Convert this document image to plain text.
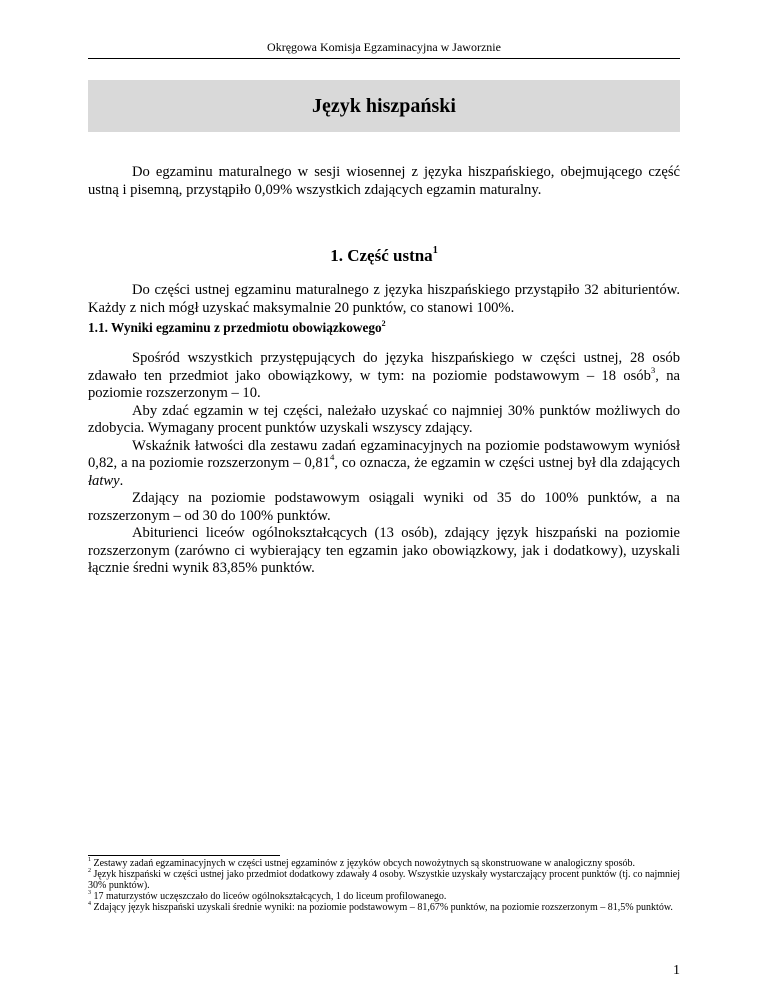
Okręgowa Komisja Egzaminacyjna w Jaworznie
Język hiszpański

Do egzaminu maturalnego w sesji wiosennej z języka hiszpańskiego, obejmującego część ustną i pisemną, przystąpiło 0,09% wszystkich zdających egzamin maturalny.

1. Część ustna$^1$

Do części ustnej egzaminu maturalnego z języka hiszpańskiego przystąpiło 32 abiturientów. Każdy z nich mógł uzyskać maksymalnie 20 punktów, co stanowi 100%.

1.1. Wyniki egzaminu z przedmiotu obowiązkowego$^2$

Spośród wszystkich przystępujących do języka hiszpańskiego w części ustnej, 28 osób zdawało ten przedmiot jako obowiązkowy, w tym: na poziomie podstawowym – 18 osób$^3$, na poziomie rozszerzonym – 10.

Aby zdać egzamin w tej części, należało uzyskać co najmniej 30% punktów możliwych do zdobycia. Wymagany procent punktów uzyskali wszyscy zdający.

Wskaźnik łatwości dla zestawu zadań egzaminacyjnych na poziomie podstawowym wyniósł 0,82, a na poziomie rozszerzonym – 0,81$^4$, co oznacza, że egzamin w części ustnej był dla zdających łatwy.

Zdający na poziomie podstawowym osiągali wyniki od 35 do 100% punktów, a na rozszerzonym – od 30 do 100% punktów.

Abiturienci liceów ogólnokształcących (13 osób), zdający język hiszpański na poziomie rozszerzonym (zarówno ci wybierający ten egzamin jako obowiązkowy, jak i dodatkowy), uzyskali łącznie średni wynik 83,85% punktów.

$^1$ Zestawy zadań egzaminacyjnych w części ustnej egzaminów z języków obcych nowożytnych są skonstruowane w analogiczny sposób.

$^2$ Język hiszpański w części ustnej jako przedmiot dodatkowy zdawały 4 osoby. Wszystkie uzyskały wystarczający procent punktów (tj. co najmniej 30% punktów).

$^3$ 17 maturzystów uczęszczało do liceów ogólnokształcących, 1 do liceum profilowanego.

$^4$ Zdający język hiszpański uzyskali średnie wyniki: na poziomie podstawowym – 81,67% punktów, na poziomie rozszerzonym – 81,5% punktów.

1
